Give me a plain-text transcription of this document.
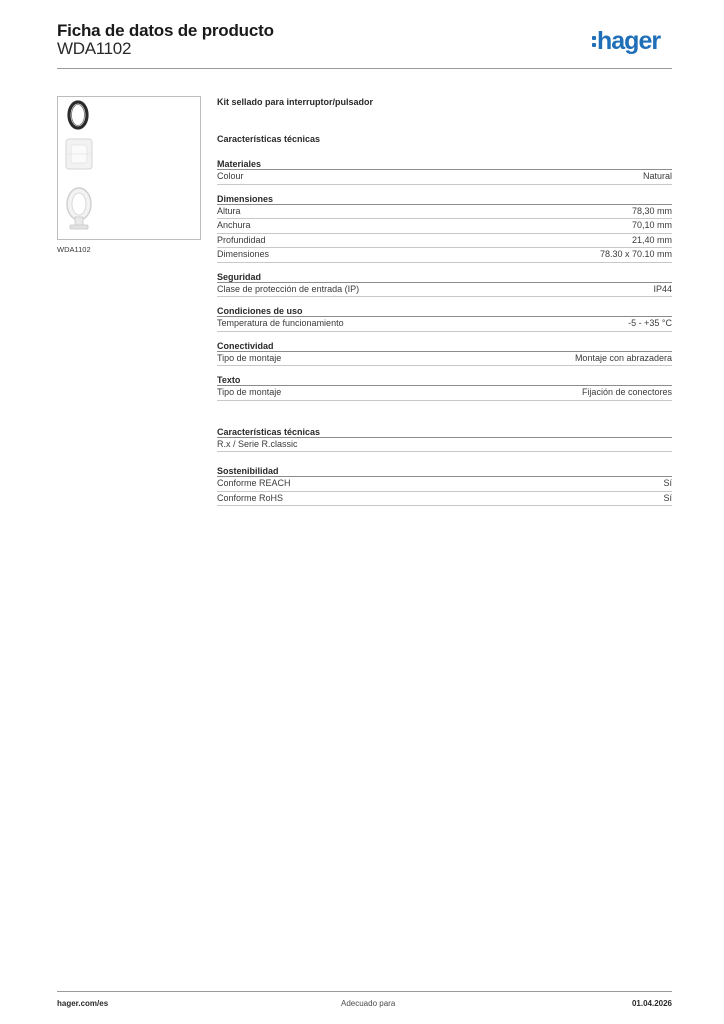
Ficha de datos de producto
WDA1102	hager
WDA1102
Kit sellado para interruptor/pulsador
Características técnicas
Materiales
Colour	Natural
Dimensiones
Altura	78,30 mm
Anchura	70,10 mm
Profundidad	21,40 mm
Dimensiones	78.30 x 70.10 mm
Seguridad
Clase de protección de entrada (IP)	IP44
Condiciones de uso
Temperatura de funcionamiento	-5 - +35 °C
Conectividad
Tipo de montaje	Montaje con abrazadera
Texto
Tipo de montaje	Fijación de conectores
Características técnicas
R.x / Serie R.classic
Sostenibilidad
Conforme REACH	Sí
Conforme RoHS	Sí
hager.com/es	Adecuado para	01.04.2026
